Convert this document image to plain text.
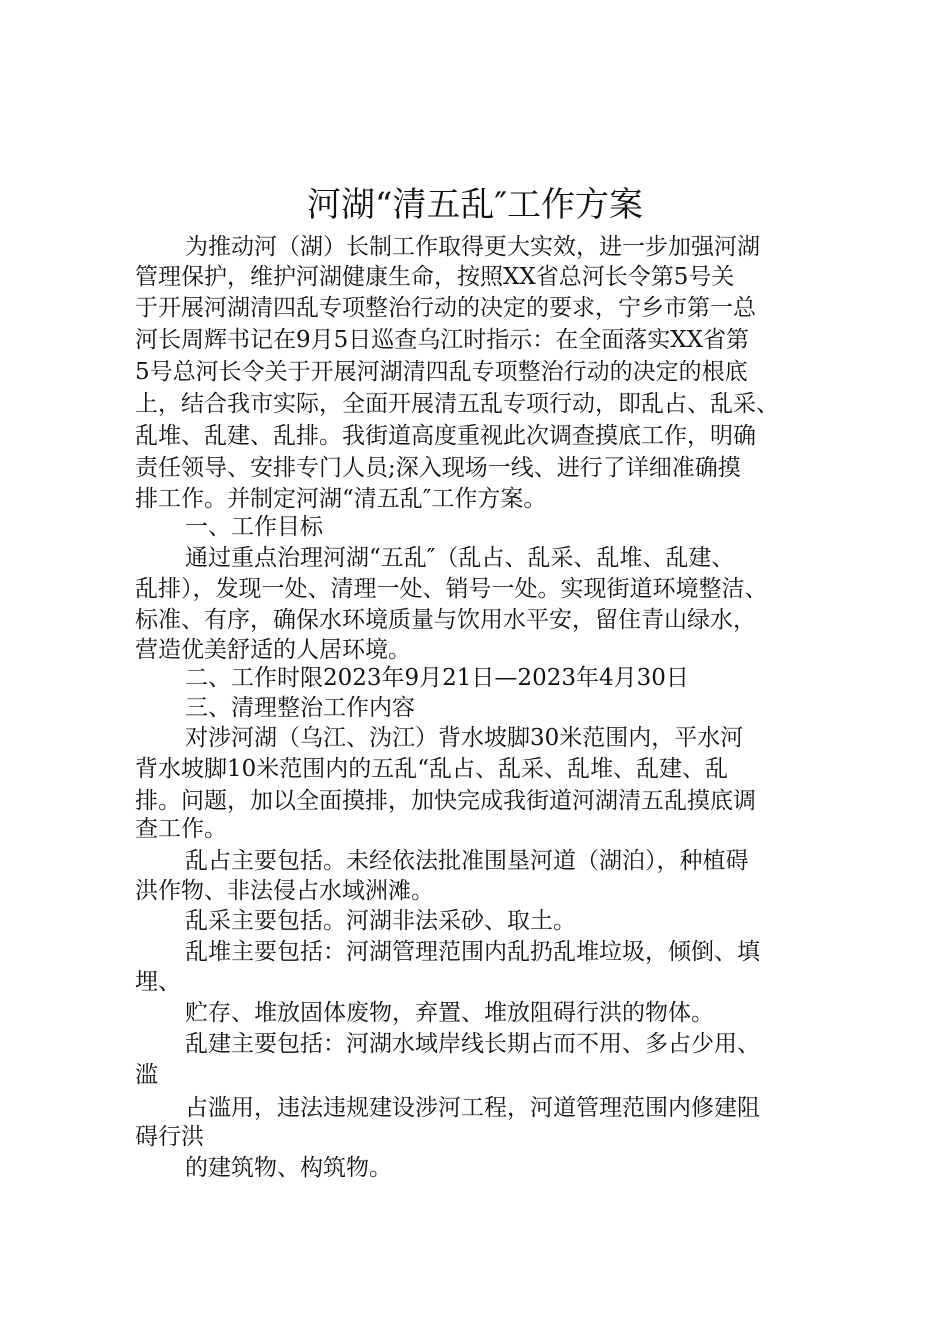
河湖“清五乱″工作方案
为推动河（湖）长制工作取得更大实效，进一步加强河湖
管理保护，维护河湖健康生命，按照XX省总河长令第5号关
于开展河湖清四乱专项整治行动的决定的要求，宁乡市第一总
河长周辉书记在9月5日巡查乌江时指示：在全面落实XX省第
5号总河长令关于开展河湖清四乱专项整治行动的决定的根底
上，结合我市实际，全面开展清五乱专项行动，即乱占、乱采、
乱堆、乱建、乱排。我街道高度重视此次调查摸底工作，明确
责任领导、安排专门人员;深入现场一线、进行了详细准确摸
排工作。并制定河湖“清五乱″工作方案。
一、工作目标
通过重点治理河湖“五乱″（乱占、乱采、乱堆、乱建、
乱排），发现一处、清理一处、销号一处。实现街道环境整洁、
标准、有序，确保水环境质量与饮用水平安，留住青山绿水，
营造优美舒适的人居环境。
二、工作时限2023年9月21日—2023年4月30日
三、清理整治工作内容
对涉河湖（乌江、沩江）背水坡脚30米范围内，平水河
背水坡脚10米范围内的五乱“乱占、乱采、乱堆、乱建、乱
排。问题，加以全面摸排，加快完成我街道河湖清五乱摸底调
查工作。
乱占主要包括。未经依法批准围垦河道（湖泊），种植碍
洪作物、非法侵占水域洲滩。
乱采主要包括。河湖非法采砂、取土。
乱堆主要包括：河湖管理范围内乱扔乱堆垃圾，倾倒、填
埋、
贮存、堆放固体废物，弃置、堆放阻碍行洪的物体。
乱建主要包括：河湖水域岸线长期占而不用、多占少用、
滥
占滥用，违法违规建设涉河工程，河道管理范围内修建阻
碍行洪
的建筑物、构筑物。
